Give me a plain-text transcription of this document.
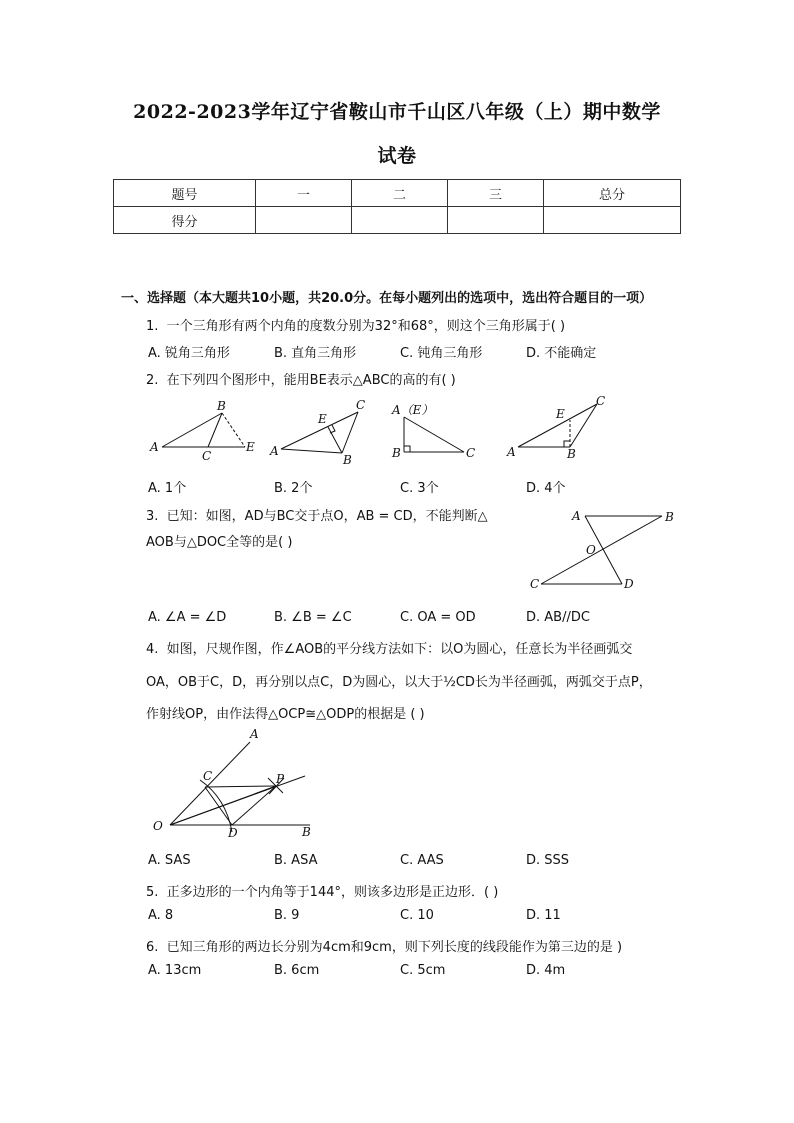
2022-2023学年辽宁省鞍山市千山区八年级（上）期中数学
试卷
题号	一	二	三	总分
得分				
一、选择题（本大题共10小题，共20.0分。在每小题列出的选项中，选出符合题目的一项）
1. 一个三角形有两个内角的度数分别为32°和68°，则这个三角形属于( )
A. 锐角三角形	B. 直角三角形	C. 钝角三角形	D. 不能确定
2. 在下列四个图形中，能用BE表示△ABC的高的有( )
A
B
C
E A
B
C
E
A（E）
B	C	A	B
C
E
A	B
O
C	D
A
C	P
O	D	B
A. 1个	B. 2个	C. 3个	D. 4个
3. 已知：如图，AD与BC交于点O，AB = CD，不能判断△
AOB与△DOC全等的是( )
A. ∠A = ∠D	B. ∠B = ∠C	C. OA = OD	D. AB//DC
4. 如图，尺规作图，作∠AOB的平分线方法如下：以O为圆心，任意长为半径画弧交
OA，OB于C，D，再分别以点C，D为圆心，以大于½CD长为半径画弧，两弧交于点P，
作射线OP，由作法得△OCP≅△ODP的根据是 ( )
A. SAS	B. ASA	C. AAS	D. SSS
5. 正多边形的一个内角等于144°，则该多边形是正边形．( )
A. 8	B. 9	C. 10	D. 11
6. 已知三角形的两边长分别为4cm和9cm，则下列长度的线段能作为第三边的是 )
A. 13cm	B. 6cm	C. 5cm	D. 4m
